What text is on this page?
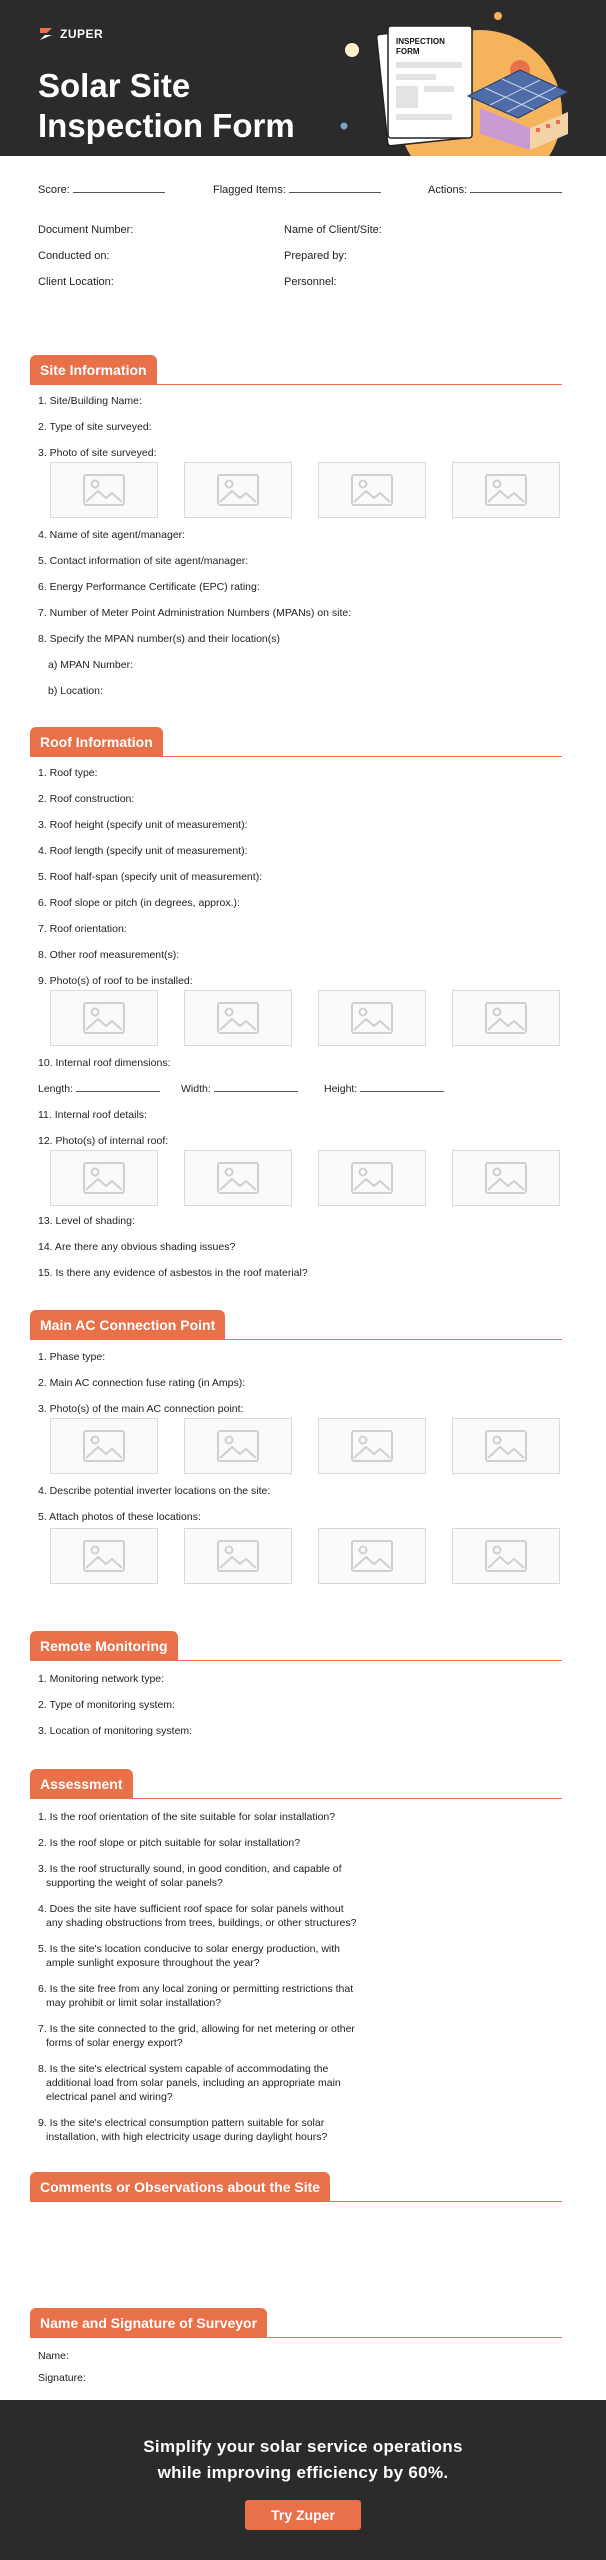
ZUPER
Solar Site Inspection Form
INSPECTION
FORM
Score:	Flagged Items:	Actions:
Document Number:	Name of Client/Site:
Conducted on:	Prepared by:
Client Location:	Personnel:
Site Information
1. Site/Building Name:
2. Type of site surveyed:
3. Photo of site surveyed:
4. Name of site agent/manager:
5. Contact information of site agent/manager:
6. Energy Performance Certificate (EPC) rating:
7. Number of Meter Point Administration Numbers (MPANs) on site:
8. Specify the MPAN number(s) and their location(s)
a) MPAN Number:
b) Location:
Roof Information
1. Roof type:
2. Roof construction:
3. Roof height (specify unit of measurement):
4. Roof length (specify unit of measurement):
5. Roof half-span (specify unit of measurement):
6. Roof slope or pitch (in degrees, approx.):
7. Roof orientation:
8. Other roof measurement(s):
9. Photo(s) of roof to be installed:
10. Internal roof dimensions:
Length:	Width:	Height:
11. Internal roof details:
12. Photo(s) of internal roof:
13. Level of shading:
14. Are there any obvious shading issues?
15. Is there any evidence of asbestos in the roof material?
Main AC Connection Point
1. Phase type:
2. Main AC connection fuse rating (in Amps):
3. Photo(s) of the main AC connection point:
4. Describe potential inverter locations on the site:
5. Attach photos of these locations:
Remote Monitoring
1. Monitoring network type:
2. Type of monitoring system:
3. Location of monitoring system:
Assessment
1. Is the roof orientation of the site suitable for solar installation?
2. Is the roof slope or pitch suitable for solar installation?
3. Is the roof structurally sound, in good condition, and capable of
supporting the weight of solar panels?
4. Does the site have sufficient roof space for solar panels without
any shading obstructions from trees, buildings, or other structures?
5. Is the site's location conducive to solar energy production, with
ample sunlight exposure throughout the year?
6. Is the site free from any local zoning or permitting restrictions that
may prohibit or limit solar installation?
7. Is the site connected to the grid, allowing for net metering or other
forms of solar energy export?
8. Is the site's electrical system capable of accommodating the
additional load from solar panels, including an appropriate main
electrical panel and wiring?
9. Is the site's electrical consumption pattern suitable for solar
installation, with high electricity usage during daylight hours?
Comments or Observations about the Site
Name and Signature of Surveyor
Name:
Signature:
Simplify your solar service operations
while improving efficiency by 60%.
Try Zuper
